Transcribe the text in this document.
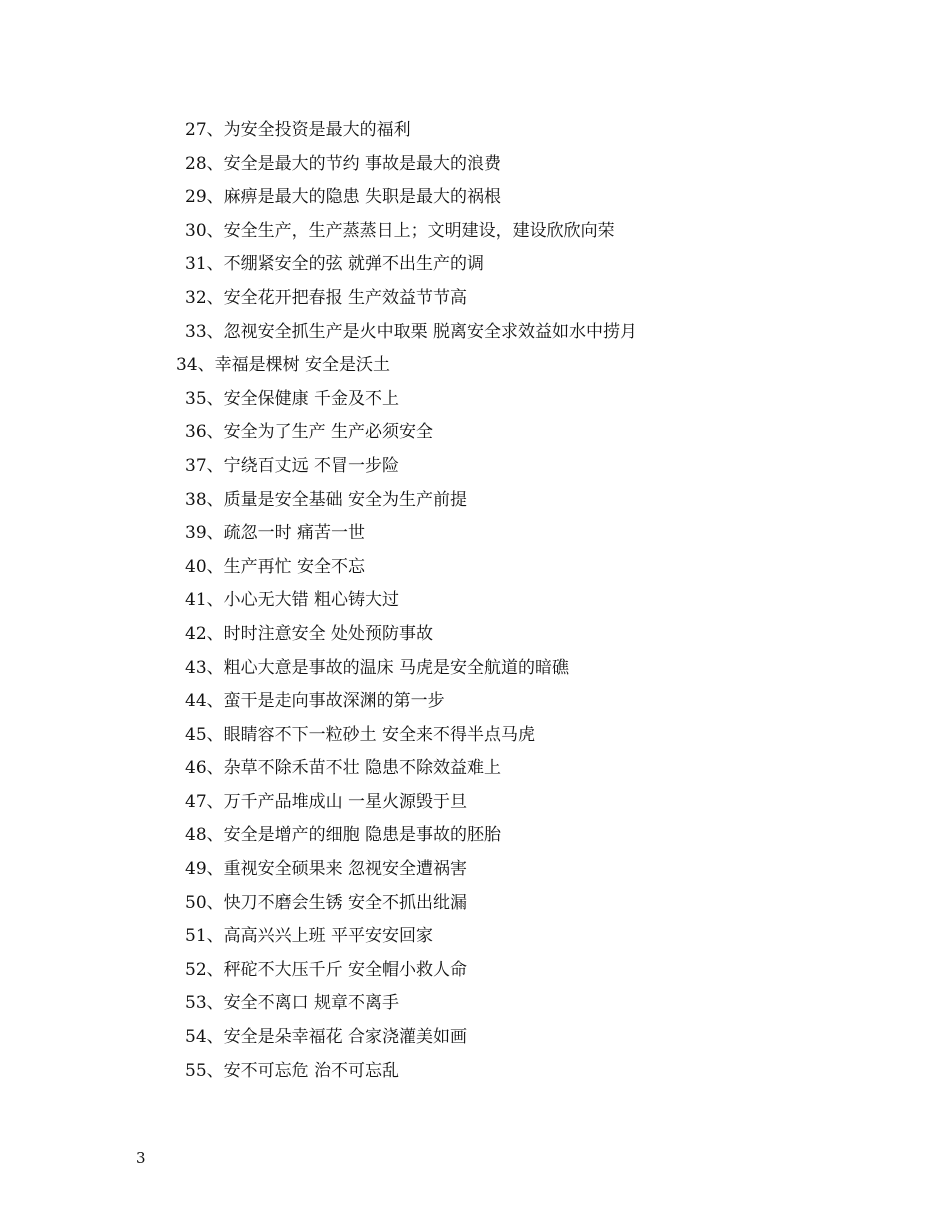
27、为安全投资是最大的福利
28、安全是最大的节约 事故是最大的浪费
29、麻痹是最大的隐患 失职是最大的祸根
30、安全生产，生产蒸蒸日上；文明建设，建设欣欣向荣
31、不绷紧安全的弦 就弹不出生产的调
32、安全花开把春报 生产效益节节高
33、忽视安全抓生产是火中取栗 脱离安全求效益如水中捞月
34、幸福是棵树 安全是沃土
35、安全保健康 千金及不上
36、安全为了生产 生产必须安全
37、宁绕百丈远 不冒一步险
38、质量是安全基础 安全为生产前提
39、疏忽一时 痛苦一世
40、生产再忙 安全不忘
41、小心无大错 粗心铸大过
42、时时注意安全 处处预防事故
43、粗心大意是事故的温床 马虎是安全航道的暗礁
44、蛮干是走向事故深渊的第一步
45、眼睛容不下一粒砂土 安全来不得半点马虎
46、杂草不除禾苗不壮 隐患不除效益难上
47、万千产品堆成山 一星火源毁于旦
48、安全是增产的细胞 隐患是事故的胚胎
49、重视安全硕果来 忽视安全遭祸害
50、快刀不磨会生锈 安全不抓出纰漏
51、高高兴兴上班 平平安安回家
52、秤砣不大压千斤 安全帽小救人命
53、安全不离口 规章不离手
54、安全是朵幸福花 合家浇灌美如画
55、安不可忘危 治不可忘乱
3
